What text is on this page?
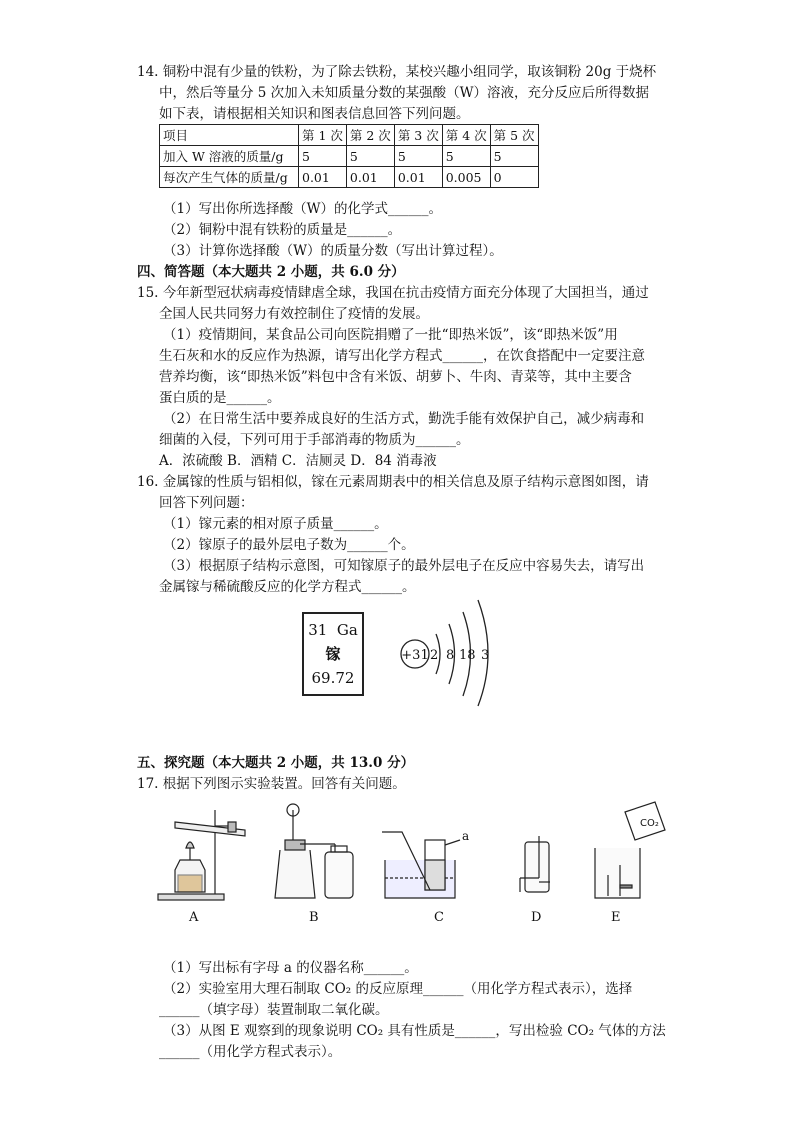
14. 铜粉中混有少量的铁粉，为了除去铁粉，某校兴趣小组同学，取该铜粉 20g 于烧杯
中，然后等量分 5 次加入未知质量分数的某强酸（W）溶液，充分反应后所得数据
如下表，请根据相关知识和图表信息回答下列问题。
项目	第 1 次	第 2 次	第 3 次	第 4 次	第 5 次
加入 W 溶液的质量/g	5	5	5	5	5
每次产生气体的质量/g	0.01	0.01	0.01	0.005	0
（1）写出你所选择酸（W）的化学式______。
（2）铜粉中混有铁粉的质量是______。
（3）计算你选择酸（W）的质量分数（写出计算过程）。
四、简答题（本大题共 2 小题，共 6.0 分）
15. 今年新型冠状病毒疫情肆虐全球，我国在抗击疫情方面充分体现了大国担当，通过
全国人民共同努力有效控制住了疫情的发展。
（1）疫情期间，某食品公司向医院捐赠了一批“即热米饭”，该“即热米饭”用
生石灰和水的反应作为热源，请写出化学方程式______，在饮食搭配中一定要注意
营养均衡，该“即热米饭”料包中含有米饭、胡萝卜、牛肉、青菜等，其中主要含
蛋白质的是______。
（2）在日常生活中要养成良好的生活方式，勤洗手能有效保护自己，减少病毒和
细菌的入侵，下列可用于手部消毒的物质为______。
A．浓硫酸 B．酒精 C．洁厕灵 D．84 消毒液
16. 金属镓的性质与铝相似，镓在元素周期表中的相关信息及原子结构示意图如图，请
回答下列问题：
（1）镓元素的相对原子质量______。
（2）镓原子的最外层电子数为______个。
（3）根据原子结构示意图，可知镓原子的最外层电子在反应中容易失去，请写出
金属镓与稀硫酸反应的化学方程式______。
31 Ga
镓
69.72
+31 2 8 18 3
五、探究题（本大题共 2 小题，共 13.0 分）
17. 根据下列图示实验装置。回答有关问题。
a
CO₂
A	B	C	D	E
（1）写出标有字母 a 的仪器名称______。
（2）实验室用大理石制取 CO₂ 的反应原理______（用化学方程式表示），选择
______（填字母）装置制取二氧化碳。
（3）从图 E 观察到的现象说明 CO₂ 具有性质是______，写出检验 CO₂ 气体的方法
______（用化学方程式表示）。
